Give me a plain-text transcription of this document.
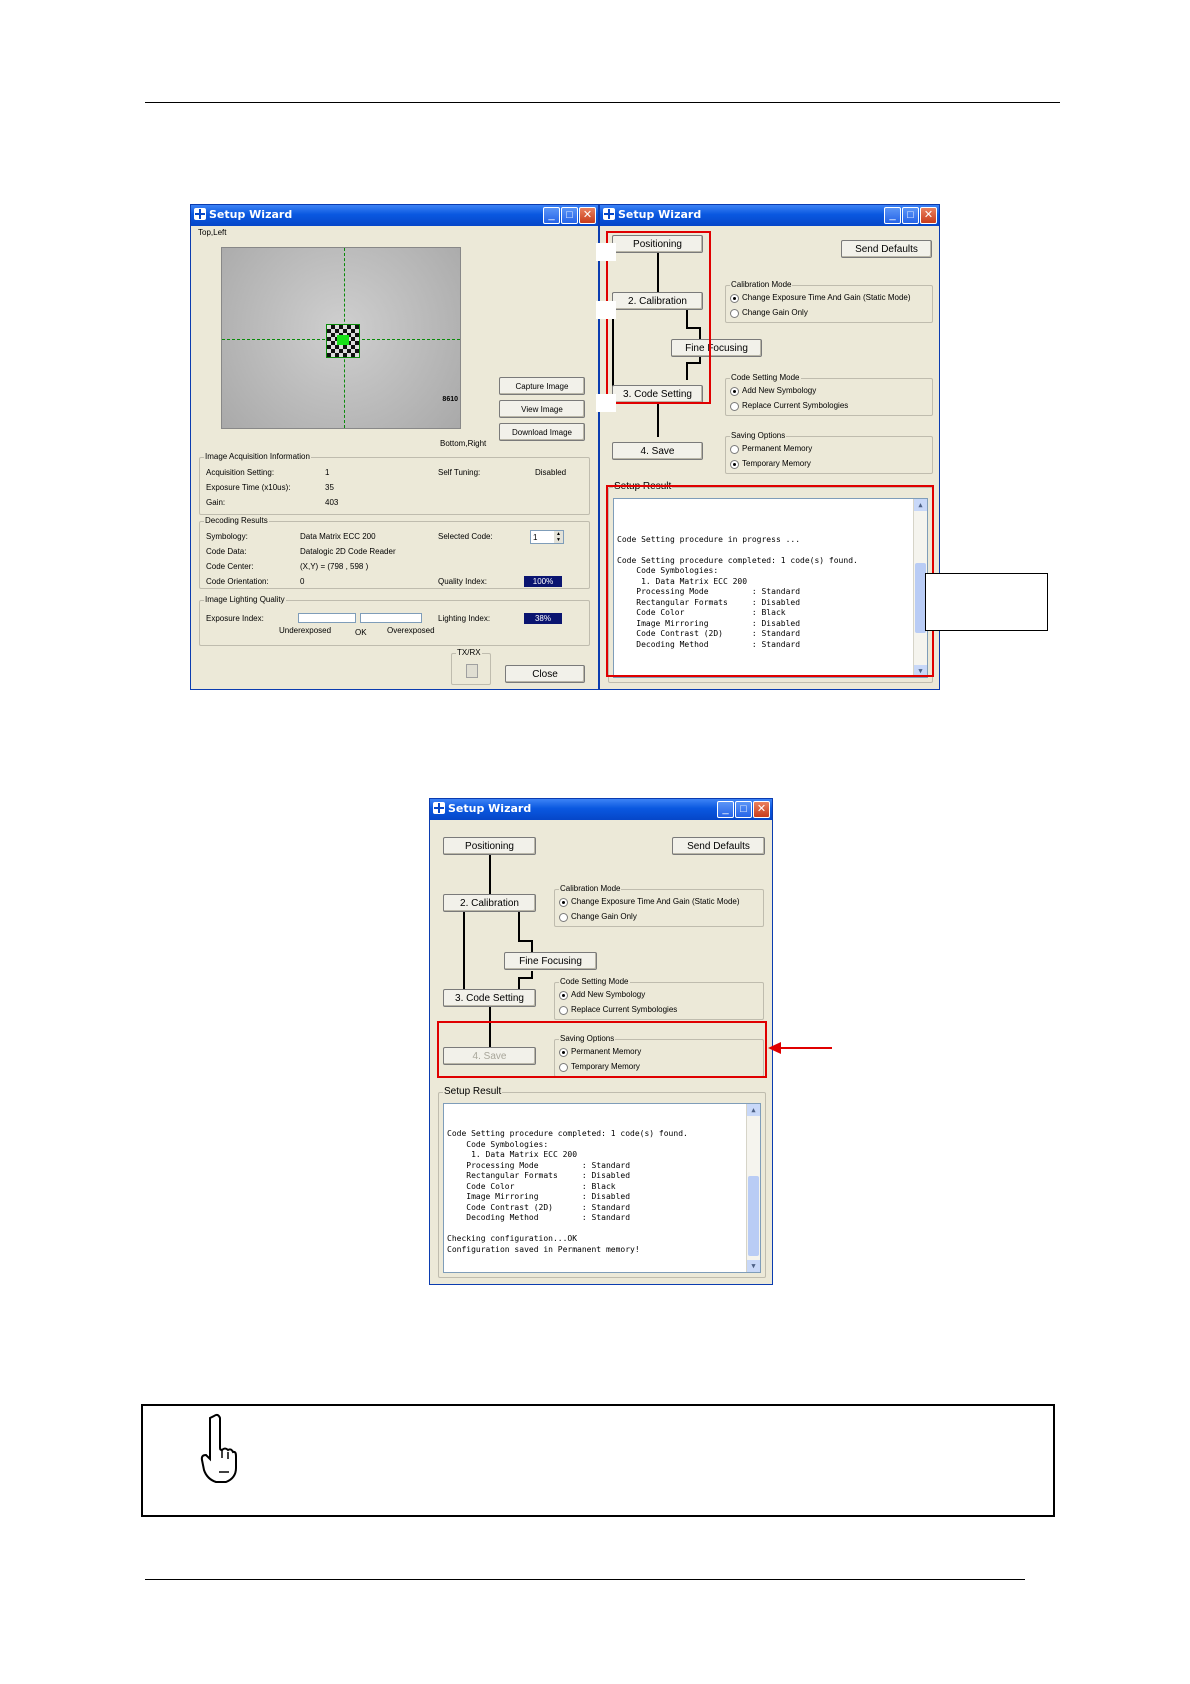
Setup Wizard	_	□ ✕
Top,Left
8610
Capture Image
View Image
Download Image
Bottom,Right
Image Acquisition Information
Acquisition Setting:	1
Exposure Time (x10us):	35
Gain:	403
Self Tuning:	Disabled
Decoding Results
Symbology:	Data Matrix ECC 200
Code Data:	Datalogic 2D Code Reader
Code Center:	(X,Y) = (798 , 598 )
Code Orientation:	0
Selected Code:	1	▲
▼
Quality Index:	100%
Image Lighting Quality
Exposure Index:
Underexposed	OK	Overexposed
Lighting Index:	38%
TX/RX
Close
Setup Wizard	_	□ ✕
Positioning
2. Calibration
Fine Focusing
3. Code Setting
4. Save
Send Defaults
Calibration Mode
Change Exposure Time And Gain (Static Mode)
Change Gain Only
Code Setting Mode
Add New Symbology
Replace Current Symbologies
Saving Options
Permanent Memory
Temporary Memory
Setup Result

Code Setting procedure in progress ...

Code Setting procedure completed: 1 code(s) found.
Code Symbologies:
1. Data Matrix ECC 200
Processing Mode         : Standard
Rectangular Formats     : Disabled
Code Color              : Black
Image Mirroring         : Disabled
Code Contrast (2D)      : Standard
Decoding Method         : Standard

▲

▼

Setup Wizard	_	□ ✕
Positioning
2. Calibration
Fine Focusing
3. Code Setting
4. Save
Send Defaults
Calibration Mode
Change Exposure Time And Gain (Static Mode)
Change Gain Only
Code Setting Mode
Add New Symbology
Replace Current Symbologies
Saving Options
Permanent Memory
Temporary Memory
Setup Result

Code Setting procedure completed: 1 code(s) found.
Code Symbologies:
1. Data Matrix ECC 200
Processing Mode         : Standard
Rectangular Formats     : Disabled
Code Color              : Black
Image Mirroring         : Disabled
Code Contrast (2D)      : Standard
Decoding Method         : Standard

Checking configuration...OK
Configuration saved in Permanent memory!

▲

▼
